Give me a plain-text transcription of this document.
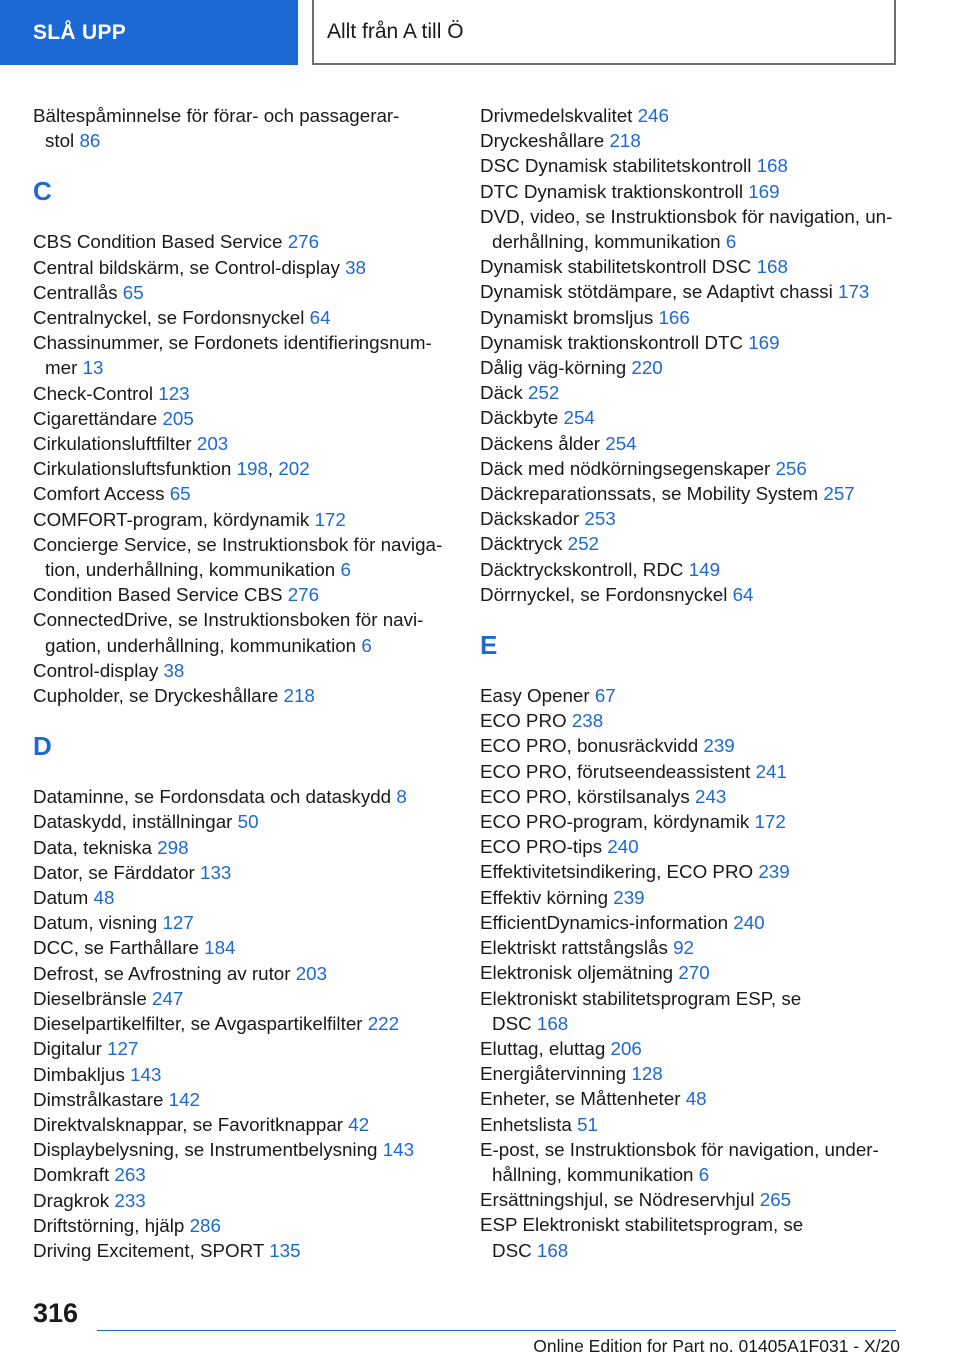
SLÅ UPP	Allt från A till Ö
Bältespåminnelse för förar- och passagerar-
stol 86
C
CBS Condition Based Service 276
Central bildskärm, se Control-display 38
Centrallås 65
Centralnyckel, se Fordonsnyckel 64
Chassinummer, se Fordonets identifieringsnum-
mer 13
Check-Control 123
Cigarettändare 205
Cirkulationsluftfilter 203
Cirkulationsluftsfunktion 198, 202
Comfort Access 65
COMFORT-program, kördynamik 172
Concierge Service, se Instruktionsbok för naviga-
tion, underhållning, kommunikation 6
Condition Based Service CBS 276
ConnectedDrive, se Instruktionsboken för navi-
gation, underhållning, kommunikation 6
Control-display 38
Cupholder, se Dryckeshållare 218
D
Dataminne, se Fordonsdata och dataskydd 8
Dataskydd, inställningar 50
Data, tekniska 298
Dator, se Färddator 133
Datum 48
Datum, visning 127
DCC, se Farthållare 184
Defrost, se Avfrostning av rutor 203
Dieselbränsle 247
Dieselpartikelfilter, se Avgaspartikelfilter 222
Digitalur 127
Dimbakljus 143
Dimstrålkastare 142
Direktvalsknappar, se Favoritknappar 42
Displaybelysning, se Instrumentbelysning 143
Domkraft 263
Dragkrok 233
Driftstörning, hjälp 286
Driving Excitement, SPORT 135
Drivmedelskvalitet 246
Dryckeshållare 218
DSC Dynamisk stabilitetskontroll 168
DTC Dynamisk traktionskontroll 169
DVD, video, se Instruktionsbok för navigation, un-
derhållning, kommunikation 6
Dynamisk stabilitetskontroll DSC 168
Dynamisk stötdämpare, se Adaptivt chassi 173
Dynamiskt bromsljus 166
Dynamisk traktionskontroll DTC 169
Dålig väg-körning 220
Däck 252
Däckbyte 254
Däckens ålder 254
Däck med nödkörningsegenskaper 256
Däckreparationssats, se Mobility System 257
Däckskador 253
Däcktryck 252
Däcktryckskontroll, RDC 149
Dörrnyckel, se Fordonsnyckel 64
E
Easy Opener 67
ECO PRO 238
ECO PRO, bonusräckvidd 239
ECO PRO, förutseendeassistent 241
ECO PRO, körstilsanalys 243
ECO PRO-program, kördynamik 172
ECO PRO-tips 240
Effektivitetsindikering, ECO PRO 239
Effektiv körning 239
EfficientDynamics-information 240
Elektriskt rattstångslås 92
Elektronisk oljemätning 270
Elektroniskt stabilitetsprogram ESP, se
DSC 168
Eluttag, eluttag 206
Energiåtervinning 128
Enheter, se Måttenheter 48
Enhetslista 51
E-post, se Instruktionsbok för navigation, under-
hållning, kommunikation 6
Ersättningshjul, se Nödreservhjul 265
ESP Elektroniskt stabilitetsprogram, se
DSC 168
316
Online Edition for Part no. 01405A1F031 - X/20
